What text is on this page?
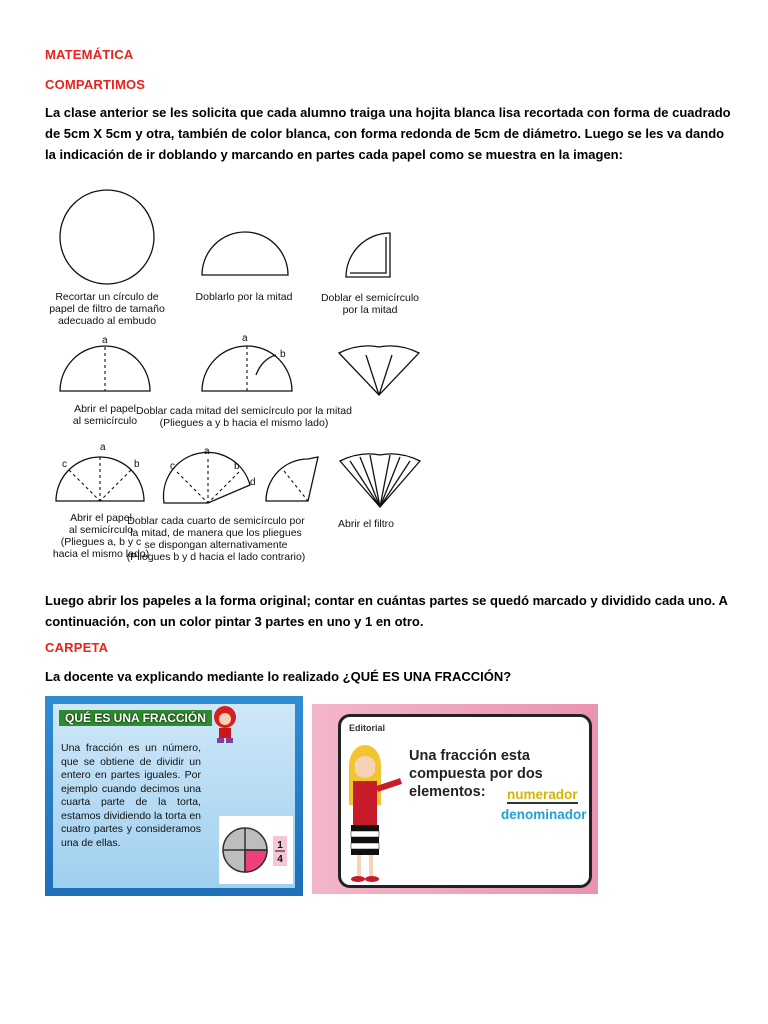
MATEMÁTICA
COMPARTIMOS
La clase anterior se les solicita que cada alumno traiga una hojita blanca lisa recortada con forma de cuadrado de 5cm X 5cm y otra, también de color blanca, con forma redonda de 5cm de diámetro. Luego se les va dando la indicación de ir doblando y marcando en partes cada papel como se muestra en la imagen:
Recortar un círculo de
papel de filtro de tamaño
adecuado al embudo
Doblarlo por la mitad	Doblar el semicírculo
por la mitad
a
Abrir el papel
al semicírculo
a
b
Doblar cada mitad del semicírculo por la mitad
(Pliegues a y b hacia el mismo lado)
a
c	b
Abrir el papel
al semicírculo
(Pliegues a, b y c
hacia el mismo lado)
a
c	b
d
Doblar cada cuarto de semicírculo por
la mitad, de manera que los pliegues
se dispongan alternativamente
(Pliegues b y d hacia el lado contrario)
Abrir el filtro
Luego abrir los papeles a la forma original; contar en cuántas partes se quedó marcado y dividido cada uno. A continuación, con un color pintar 3 partes en uno y 1 en otro.
CARPETA
La docente va explicando mediante lo realizado ¿QUÉ ES UNA FRACCIÓN?
QUÉ ES UNA FRACCIÓN
Una fracción es un número, que se obtiene de dividir un entero en partes iguales. Por ejemplo cuando decimos una cuarta parte de la torta, estamos dividiendo la torta en cuatro partes y consideramos una de ellas.	1
4
Editorial
Una fracción esta compuesta por dos elementos:	numerador
denominador
